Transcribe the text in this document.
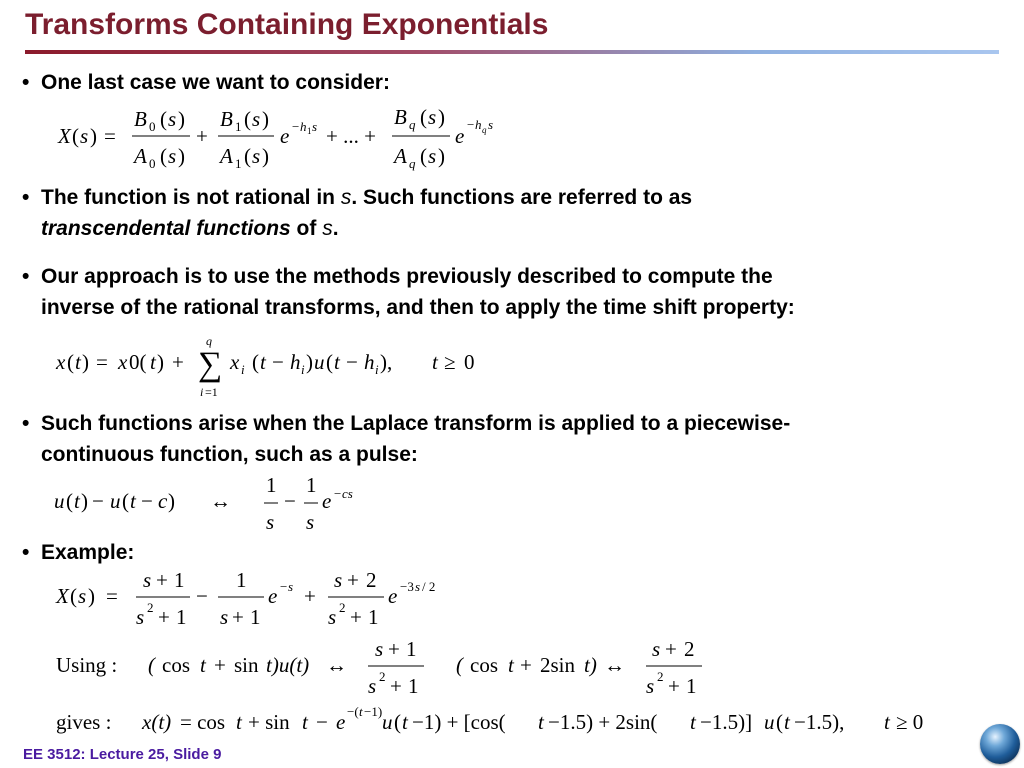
Transforms Containing Exponentials
• One last case we want to consider:
X ( s ) =
B 0 ( s )
A 0 ( s )
+
B 1 ( s )
A 1 ( s )
e − h 1 s + ... +
B q ( s )
A q ( s )
e − h q s
• The function is not rational in s. Such functions are referred to as
transcendental functions of s.
• Our approach is to use the methods previously described to compute the
inverse of the rational transforms, and then to apply the time shift property:
x ( t ) = x 0( t ) +
q
∑
i =1
x i ( t − h i ) u ( t − h i ), t ≥ 0
• Such functions arise when the Laplace transform is applied to a piecewise-
continuous function, such as a pulse:
u ( t ) − u ( t − c ) ↔
1
s
−
1
s
e − cs
• Example:
X ( s ) =
s + 1
s 2 + 1
−
1
s + 1
e − s +
s + 2
s 2 + 1
e −3 s / 2
Using : ( cos t + sin t)u(t) ↔
s + 1
s 2 + 1
( cos t + 2sin t) ↔
s + 2
s 2 + 1
gives : x(t) = cos t + sin t − e −( t −1) u ( t −1) + [cos( t −1.5) + 2sin( t −1.5)] u ( t −1.5), t ≥ 0
EE 3512: Lecture 25, Slide 9
